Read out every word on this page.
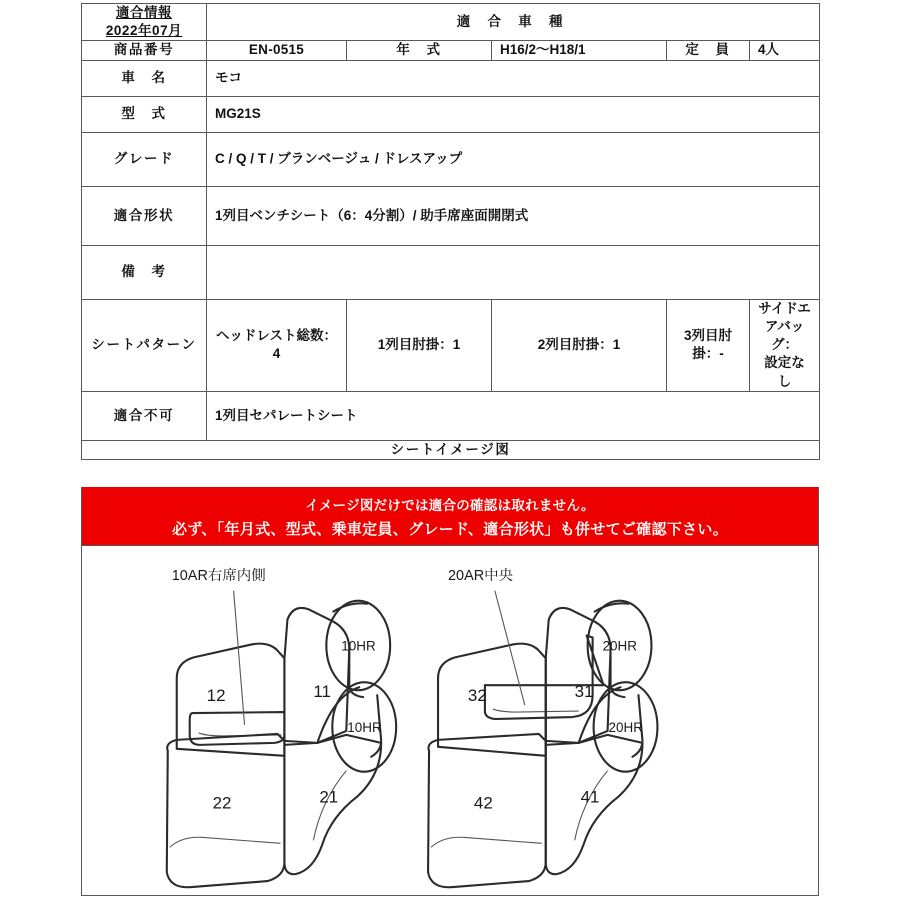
適合情報
2022年07月	適 合 車 種				
商品番号	EN-0515	年　式	H16/2〜H18/1	定　員	4人
車　名	モコ				
型　式	MG21S				
グレード	C / Q / T / ブランベージュ / ドレスアップ				
適合形状	1列目ベンチシート（6：4分割）/ 助手席座面開閉式				
備　考					
シートパターン	ヘッドレスト総数：4	1列目肘掛：1	2列目肘掛：1	3列目肘掛：-	サイドエアバッグ：
設定なし
適合不可	1列目セパレートシート				
シートイメージ図					
イメージ図だけでは適合の確認は取れません。
必ず、「年月式、型式、乗車定員、グレード、適合形状」も併せてご確認下さい。
10AR右席内側
12	11
21
22
10HR
10HR
20AR中央
32	31
41
42
20HR
20HR
